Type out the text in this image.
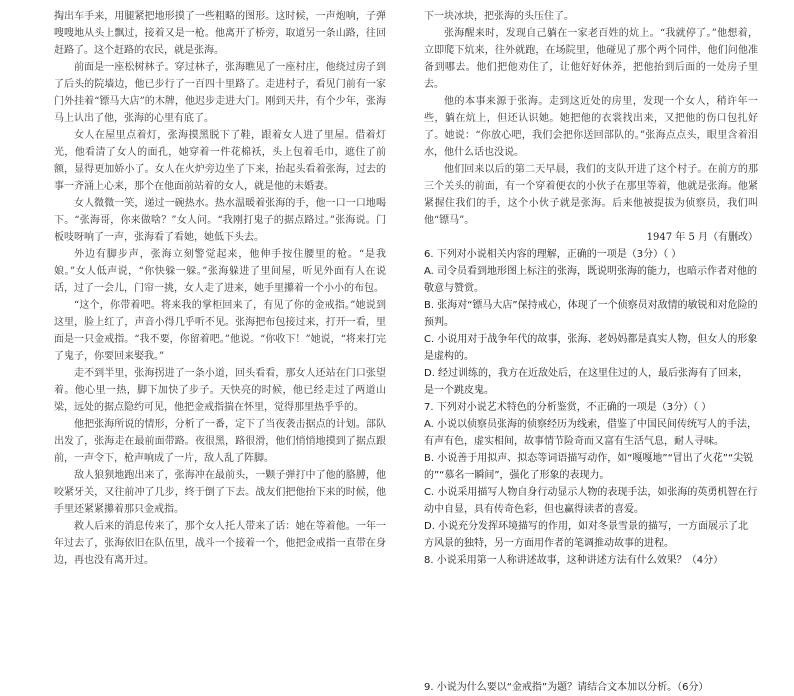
掏出车手来，用腿紧把地形摸了一些粗略的图形。这时候，一声炮响，子弹嗖嗖地从头上飘过，接着又是一枪。他离开了桥旁，取道另一条山路，往回赶路了。这个赶路的农民，就是张海。

前面是一座松树林子。穿过林子，张海瞧见了一座村庄，他绕过房子到了后头的院墙边，他已步行了一百四十里路了。走进村子，看见门前有一家门外挂着“镖马大店”的木牌，他迟步走进大门。刚到天井，有个少年，张海马上认出了他，张海的心里有底了。

女人在屋里点着灯，张海摸黑脱下了鞋，跟着女人进了里屋。借着灯光，他看清了女人的面孔，她穿着一件花棉袄，头上包着毛巾，遮住了前额，显得更加娇小了。女人在火炉旁边坐了下来，抬起头看着张海，过去的事一齐涌上心来，那个在他面前站着的女人，就是他的未婚妻。

女人微微一笑，递过一碗热水。热水温暖着张海的手，他一口一口地喝下。“张海哥，你来做啥？”女人问。“我刚打鬼子的据点路过。”张海说。门板吱呀响了一声，张海看了看她，她低下头去。

外边有脚步声，张海立刻警觉起来，他伸手按住腰里的枪。“是我娘。”女人低声说，“你快躲一躲。”张海躲进了里间屋，听见外面有人在说话，过了一会儿，门帘一挑，女人走了进来，她手里攥着一个小小的布包。

“这个，你带着吧。将来我的掌柜回来了，有见了你的金戒指。”她说到这里，脸上红了，声音小得几乎听不见。张海把布包接过来，打开一看，里面是一只金戒指。“我不要，你留着吧。”他说。“你收下！”她说，“将来打完了鬼子，你要回来娶我。”

走不到半里，张海拐进了一条小道，回头看看，那女人还站在门口张望着。他心里一热，脚下加快了步子。天快亮的时候，他已经走过了两道山梁，远处的据点隐约可见，他把金戒指揣在怀里，觉得那里热乎乎的。

他把张海所说的情形，分析了一番，定下了当夜袭击据点的计划。部队出发了，张海走在最前面带路。夜很黑，路很滑，他们悄悄地摸到了据点跟前，一声令下，枪声响成了一片，敌人乱了阵脚。

敌人狼狈地跑出来了，张海冲在最前头，一颗子弹打中了他的胳膊，他咬紧牙关，又往前冲了几步，终于倒了下去。战友们把他抬下来的时候，他手里还紧紧攥着那只金戒指。

救人后来的消息传来了，那个女人托人带来了话：她在等着他。一年一年过去了，张海依旧在队伍里，战斗一个接着一个，他把金戒指一直带在身边，再也没有离开过。

下一块冰块，把张海的头压住了。

张海醒来时，发现自己躺在一家老百姓的炕上。“我就停了。”他想着，立即爬下炕来，往外就跑，在场院里，他碰见了那个两个同伴，他们问他准备到哪去。他们把他劝住了，让他好好休养，把他抬到后面的一处房子里去。

他的本事来源于张海。走到这近处的房里，发现一个女人，稍许年一些，躺在炕上，但还认识她。她把他的衣裳找出来，又把他的伤口包扎好了。她说：“你放心吧，我们会把你送回部队的。”张海点点头，眼里含着泪水，他什么话也没说。

他们回来以后的第二天早晨，我们的支队开进了这个村子。在前方的那三个关头的前面，有一个穿着便衣的小伙子在那里等着，他就是张海。他紧紧握住我们的手，这个小伙子就是张海。后来他被提拔为侦察员，我们叫他“镖马”。

1947 年 5 月（有删改）

6. 下列对小说相关内容的理解，正确的一项是（3分）（ ）

A. 司令员看到地形图上标注的张海，既说明张海的能力，也暗示作者对他的敬意与赞赏。

B. 张海对“镖马大店”保持戒心，体现了一个侦察员对敌情的敏锐和对危险的预判。

C. 小说用对于战争年代的故事，张海、老妈妈都是真实人物，但女人的形象是虚构的。

D. 经过训练的，我方在近敌处后，在这里住过的人，最后张海有了回来，是一个跳皮鬼。

7. 下列对小说艺术特色的分析鉴赏，不正确的一项是（3分）（ ）

A. 小说以侦察员张海的侦察经历为线索，借鉴了中国民间传统写人的手法，有声有色，虚实相间，故事情节险奇而又富有生活气息，耐人寻味。

B. 小说善于用拟声、拟态等词语描写动作，如“嘎嘎地”“冒出了火花”“尖锐的”“慕名一瞬间”，强化了形象的表现力。

C. 小说采用描写人物自身行动显示人物的表现手法，如张海的英勇机智在行动中自显，具有传奇色彩，但也赢得读者的喜爱。

D. 小说充分发挥环境描写的作用，如对冬景雪景的描写，一方面展示了北方风景的独特，另一方面用作者的笔调推动故事的进程。

8. 小说采用第一人称讲述故事，这种讲述方法有什么效果？（4分）

9. 小说为什么要以“金戒指”为题？请结合文本加以分析。（6分）
